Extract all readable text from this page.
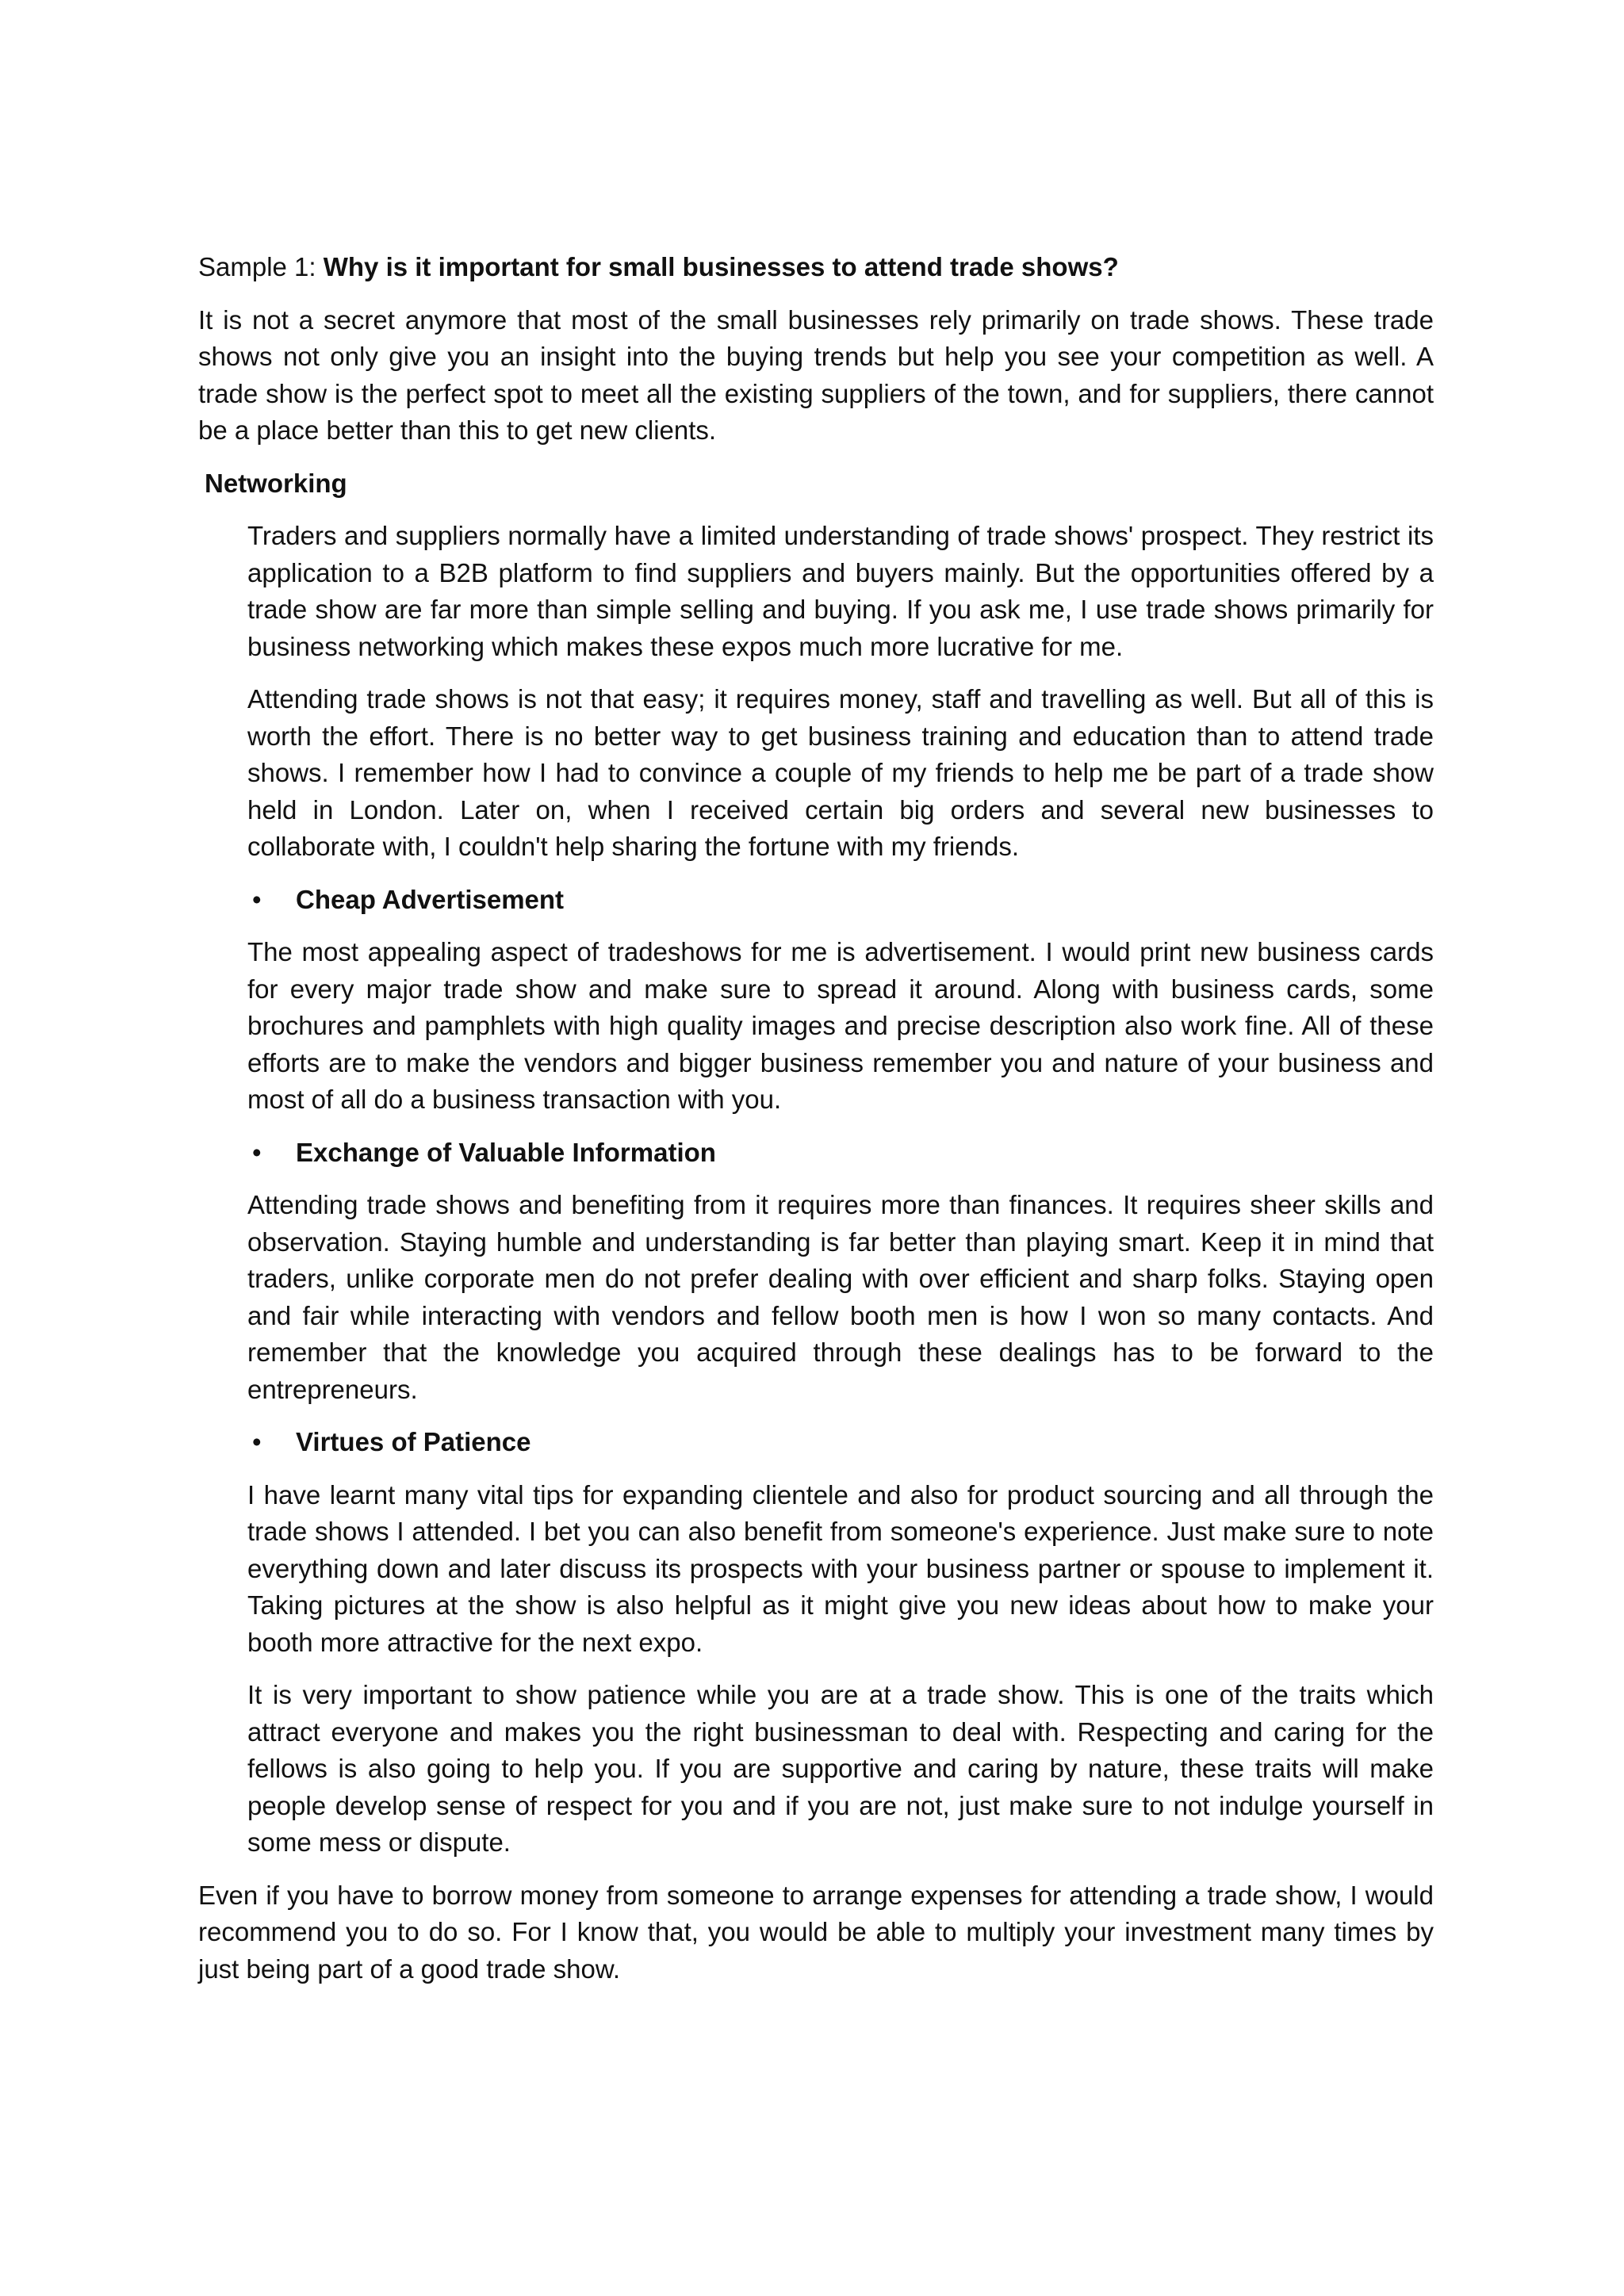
Sample 1: Why is it important for small businesses to attend trade shows?

It is not a secret anymore that most of the small businesses rely primarily on trade shows. These trade shows not only give you an insight into the buying trends but help you see your competition as well. A trade show is the perfect spot to meet all the existing suppliers of the town, and for suppliers, there cannot be a place better than this to get new clients.

Networking

Traders and suppliers normally have a limited understanding of trade shows' prospect. They restrict its application to a B2B platform to find suppliers and buyers mainly. But the opportunities offered by a trade show are far more than simple selling and buying. If you ask me, I use trade shows primarily for business networking which makes these expos much more lucrative for me.

Attending trade shows is not that easy; it requires money, staff and travelling as well. But all of this is worth the effort. There is no better way to get business training and education than to attend trade shows. I remember how I had to convince a couple of my friends to help me be part of a trade show held in London. Later on, when I received certain big orders and several new businesses to collaborate with, I couldn't help sharing the fortune with my friends.

• Cheap Advertisement

The most appealing aspect of tradeshows for me is advertisement. I would print new business cards for every major trade show and make sure to spread it around. Along with business cards, some brochures and pamphlets with high quality images and precise description also work fine. All of these efforts are to make the vendors and bigger business remember you and nature of your business and most of all do a business transaction with you.

• Exchange of Valuable Information

Attending trade shows and benefiting from it requires more than finances. It requires sheer skills and observation. Staying humble and understanding is far better than playing smart. Keep it in mind that traders, unlike corporate men do not prefer dealing with over efficient and sharp folks. Staying open and fair while interacting with vendors and fellow booth men is how I won so many contacts. And remember that the knowledge you acquired through these dealings has to be forward to the entrepreneurs.

• Virtues of Patience

I have learnt many vital tips for expanding clientele and also for product sourcing and all through the trade shows I attended. I bet you can also benefit from someone's experience. Just make sure to note everything down and later discuss its prospects with your business partner or spouse to implement it. Taking pictures at the show is also helpful as it might give you new ideas about how to make your booth more attractive for the next expo.

It is very important to show patience while you are at a trade show. This is one of the traits which attract everyone and makes you the right businessman to deal with. Respecting and caring for the fellows is also going to help you. If you are supportive and caring by nature, these traits will make people develop sense of respect for you and if you are not, just make sure to not indulge yourself in some mess or dispute.

Even if you have to borrow money from someone to arrange expenses for attending a trade show, I would recommend you to do so. For I know that, you would be able to multiply your investment many times by just being part of a good trade show.
